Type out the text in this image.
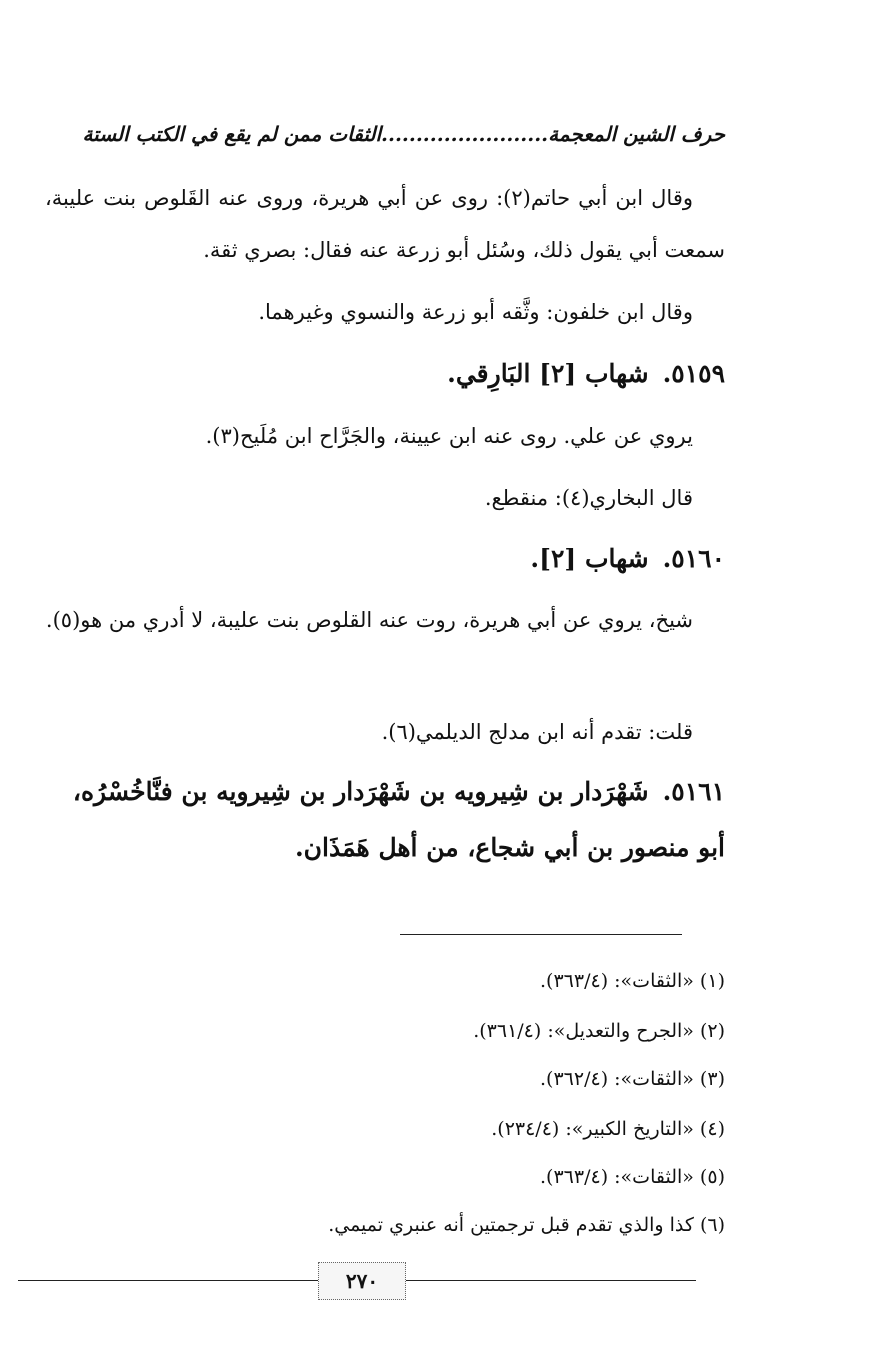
حرف الشين المعجمة........................الثقات ممن لم يقع في الكتب الستة
وقال ابن أبي حاتم(٢): روى عن أبي هريرة، وروى عنه القَلوص بنت عليبة، سمعت أبي يقول ذلك، وسُئل أبو زرعة عنه فقال: بصري ثقة.
وقال ابن خلفون: وثَّقه أبو زرعة والنسوي وغيرهما.
٥١٥٩.شهاب [٢] البَارِقي.
يروي عن علي. روى عنه ابن عيينة، والجَرَّاح ابن مُلَيح(٣).
قال البخاري(٤): منقطع.
٥١٦٠.شهاب [٢].
شيخ، يروي عن أبي هريرة، روت عنه القلوص بنت عليبة، لا أدري من هو(٥).
قلت: تقدم أنه ابن مدلج الديلمي(٦).
٥١٦١.شَهْرَدار بن شِيرويه بن شَهْرَدار بن شِيرويه بن فنَّاخُسْرُه، أبو منصور بن أبي شجاع، من أهل هَمَذَان.
(١) «الثقات»: (٣٦٣/٤).
(٢) «الجرح والتعديل»: (٣٦١/٤).
(٣) «الثقات»: (٣٦٢/٤).
(٤) «التاريخ الكبير»: (٢٣٤/٤).
(٥) «الثقات»: (٣٦٣/٤).
(٦) كذا والذي تقدم قبل ترجمتين أنه عنبري تميمي.
٢٧٠
